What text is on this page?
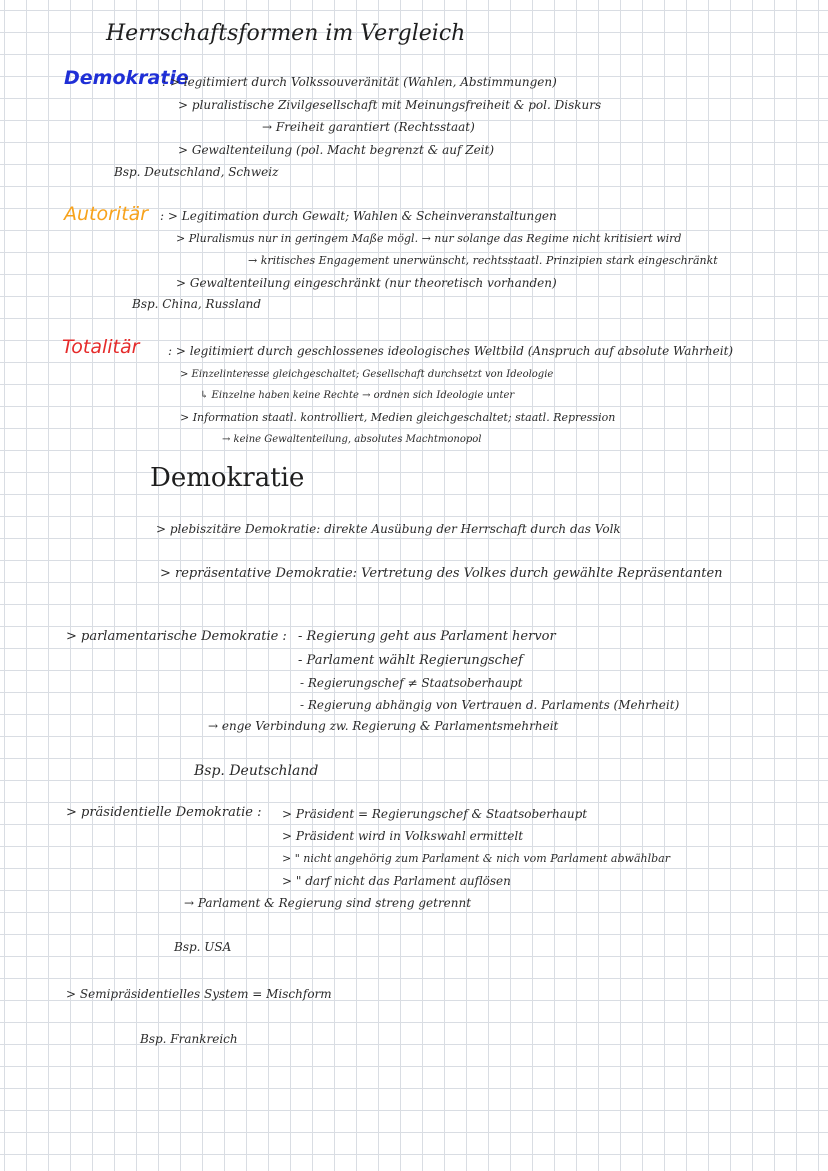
Herrschaftsformen im Vergleich
Demokratie
: > legitimiert durch Volkssouveränität (Wahlen, Abstimmungen)
> pluralistische Zivilgesellschaft mit Meinungsfreiheit & pol. Diskurs
→ Freiheit garantiert (Rechtsstaat)
> Gewaltenteilung (pol. Macht begrenzt & auf Zeit)
Bsp. Deutschland, Schweiz
Autoritär : > Legitimation durch Gewalt; Wahlen & Scheinveranstaltungen
> Pluralismus nur in geringem Maße mögl. → nur solange das Regime nicht kritisiert wird
→ kritisches Engagement unerwünscht, rechtsstaatl. Prinzipien stark eingeschränkt
> Gewaltenteilung eingeschränkt (nur theoretisch vorhanden)
Bsp. China, Russland
Totalitär : > legitimiert durch geschlossenes ideologisches Weltbild (Anspruch auf absolute Wahrheit)
> Einzelinteresse gleichgeschaltet; Gesellschaft durchsetzt von Ideologie
↳ Einzelne haben keine Rechte → ordnen sich Ideologie unter
> Information staatl. kontrolliert, Medien gleichgeschaltet; staatl. Repression
→ keine Gewaltenteilung, absolutes Machtmonopol
Demokratie
> plebiszitäre Demokratie: direkte Ausübung der Herrschaft durch das Volk
> repräsentative Demokratie: Vertretung des Volkes durch gewählte Repräsentanten
> parlamentarische Demokratie : - Regierung geht aus Parlament hervor
- Parlament wählt Regierungschef
- Regierungschef ≠ Staatsoberhaupt
- Regierung abhängig von Vertrauen d. Parlaments (Mehrheit)
→ enge Verbindung zw. Regierung & Parlamentsmehrheit
Bsp. Deutschland
> präsidentielle Demokratie : > Präsident = Regierungschef & Staatsoberhaupt
> Präsident wird in Volkswahl ermittelt
> " nicht angehörig zum Parlament & nich vom Parlament abwählbar
> " darf nicht das Parlament auflösen
→ Parlament & Regierung sind streng getrennt
Bsp. USA
> Semipräsidentielles System = Mischform
Bsp. Frankreich
